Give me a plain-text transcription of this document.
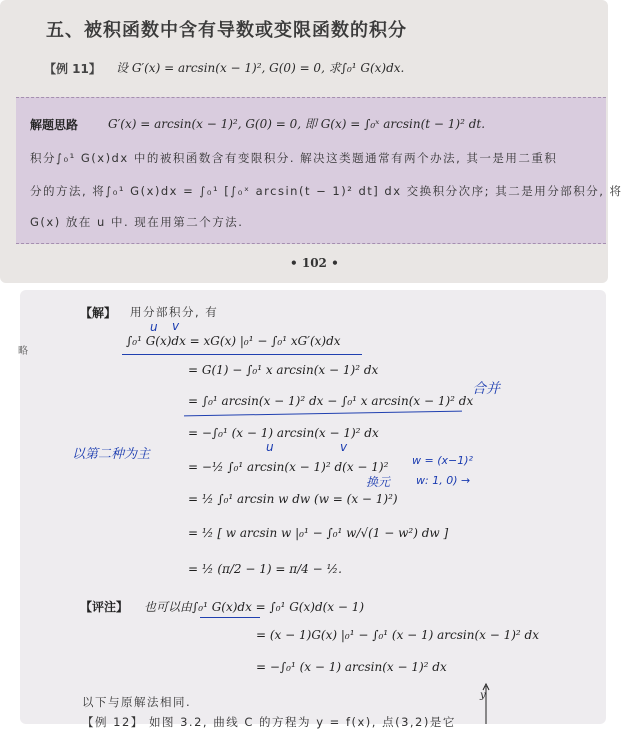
五、被积函数中含有导数或变限函数的积分
【例 11】 设 G′(x) = arcsin(x − 1)², G(0) = 0, 求∫₀¹ G(x)dx.
解题思路 G′(x) = arcsin(x − 1)², G(0) = 0, 即 G(x) = ∫₀ˣ arcsin(t − 1)² dt.
积分∫₀¹ G(x)dx 中的被积函数含有变限积分. 解决这类题通常有两个办法, 其一是用二重积
分的方法, 将∫₀¹ G(x)dx = ∫₀¹ [∫₀ˣ arcsin(t − 1)² dt] dx 交换积分次序; 其二是用分部积分, 将
G(x) 放在 u 中. 现在用第二个方法.
• 102 •
略
【解】 用分部积分, 有
u v
∫₀¹ G(x)dx = xG(x) |₀¹ − ∫₀¹ xG′(x)dx
= G(1) − ∫₀¹ x arcsin(x − 1)² dx
= ∫₀¹ arcsin(x − 1)² dx − ∫₀¹ x arcsin(x − 1)² dx
合并
= −∫₀¹ (x − 1) arcsin(x − 1)² dx
以第二种为主	u	v
= −½ ∫₀¹ arcsin(x − 1)² d(x − 1)² w = (x−1)²
换元 w: 1, 0) →
= ½ ∫₀¹ arcsin w dw (w = (x − 1)²)
= ½ [ w arcsin w |₀¹ − ∫₀¹ w/√(1 − w²) dw ]
= ½ (π/2 − 1) = π/4 − ½.
【评注】 也可以由∫₀¹ G(x)dx = ∫₀¹ G(x)d(x − 1)
= (x − 1)G(x) |₀¹ − ∫₀¹ (x − 1) arcsin(x − 1)² dx
= −∫₀¹ (x − 1) arcsin(x − 1)² dx
以下与原解法相同.
【例 12】 如图 3.2, 曲线 C 的方程为 y = f(x), 点(3,2)是它
y
